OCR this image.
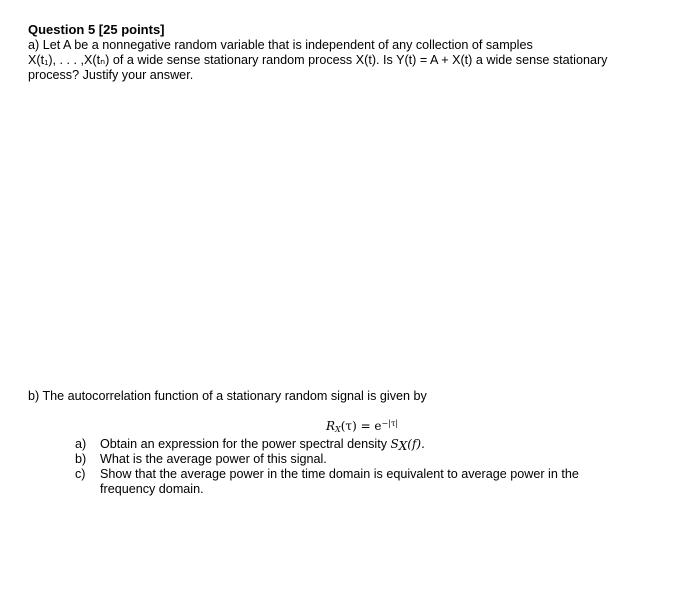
Question 5 [25 points]
a) Let A be a nonnegative random variable that is independent of any collection of samples
X(t₁), . . . ,X(tₙ) of a wide sense stationary random process X(t). Is Y(t) = A + X(t) a wide sense stationary
process? Justify your answer.
b) The autocorrelation function of a stationary random signal is given by
$R_X(\tau) = e^{-|\tau|}$
a)	Obtain an expression for the power spectral density $S_X(f)$.
b)	What is the average power of this signal.
c)	Show that the average power in the time domain is equivalent to average power in the
frequency domain.
